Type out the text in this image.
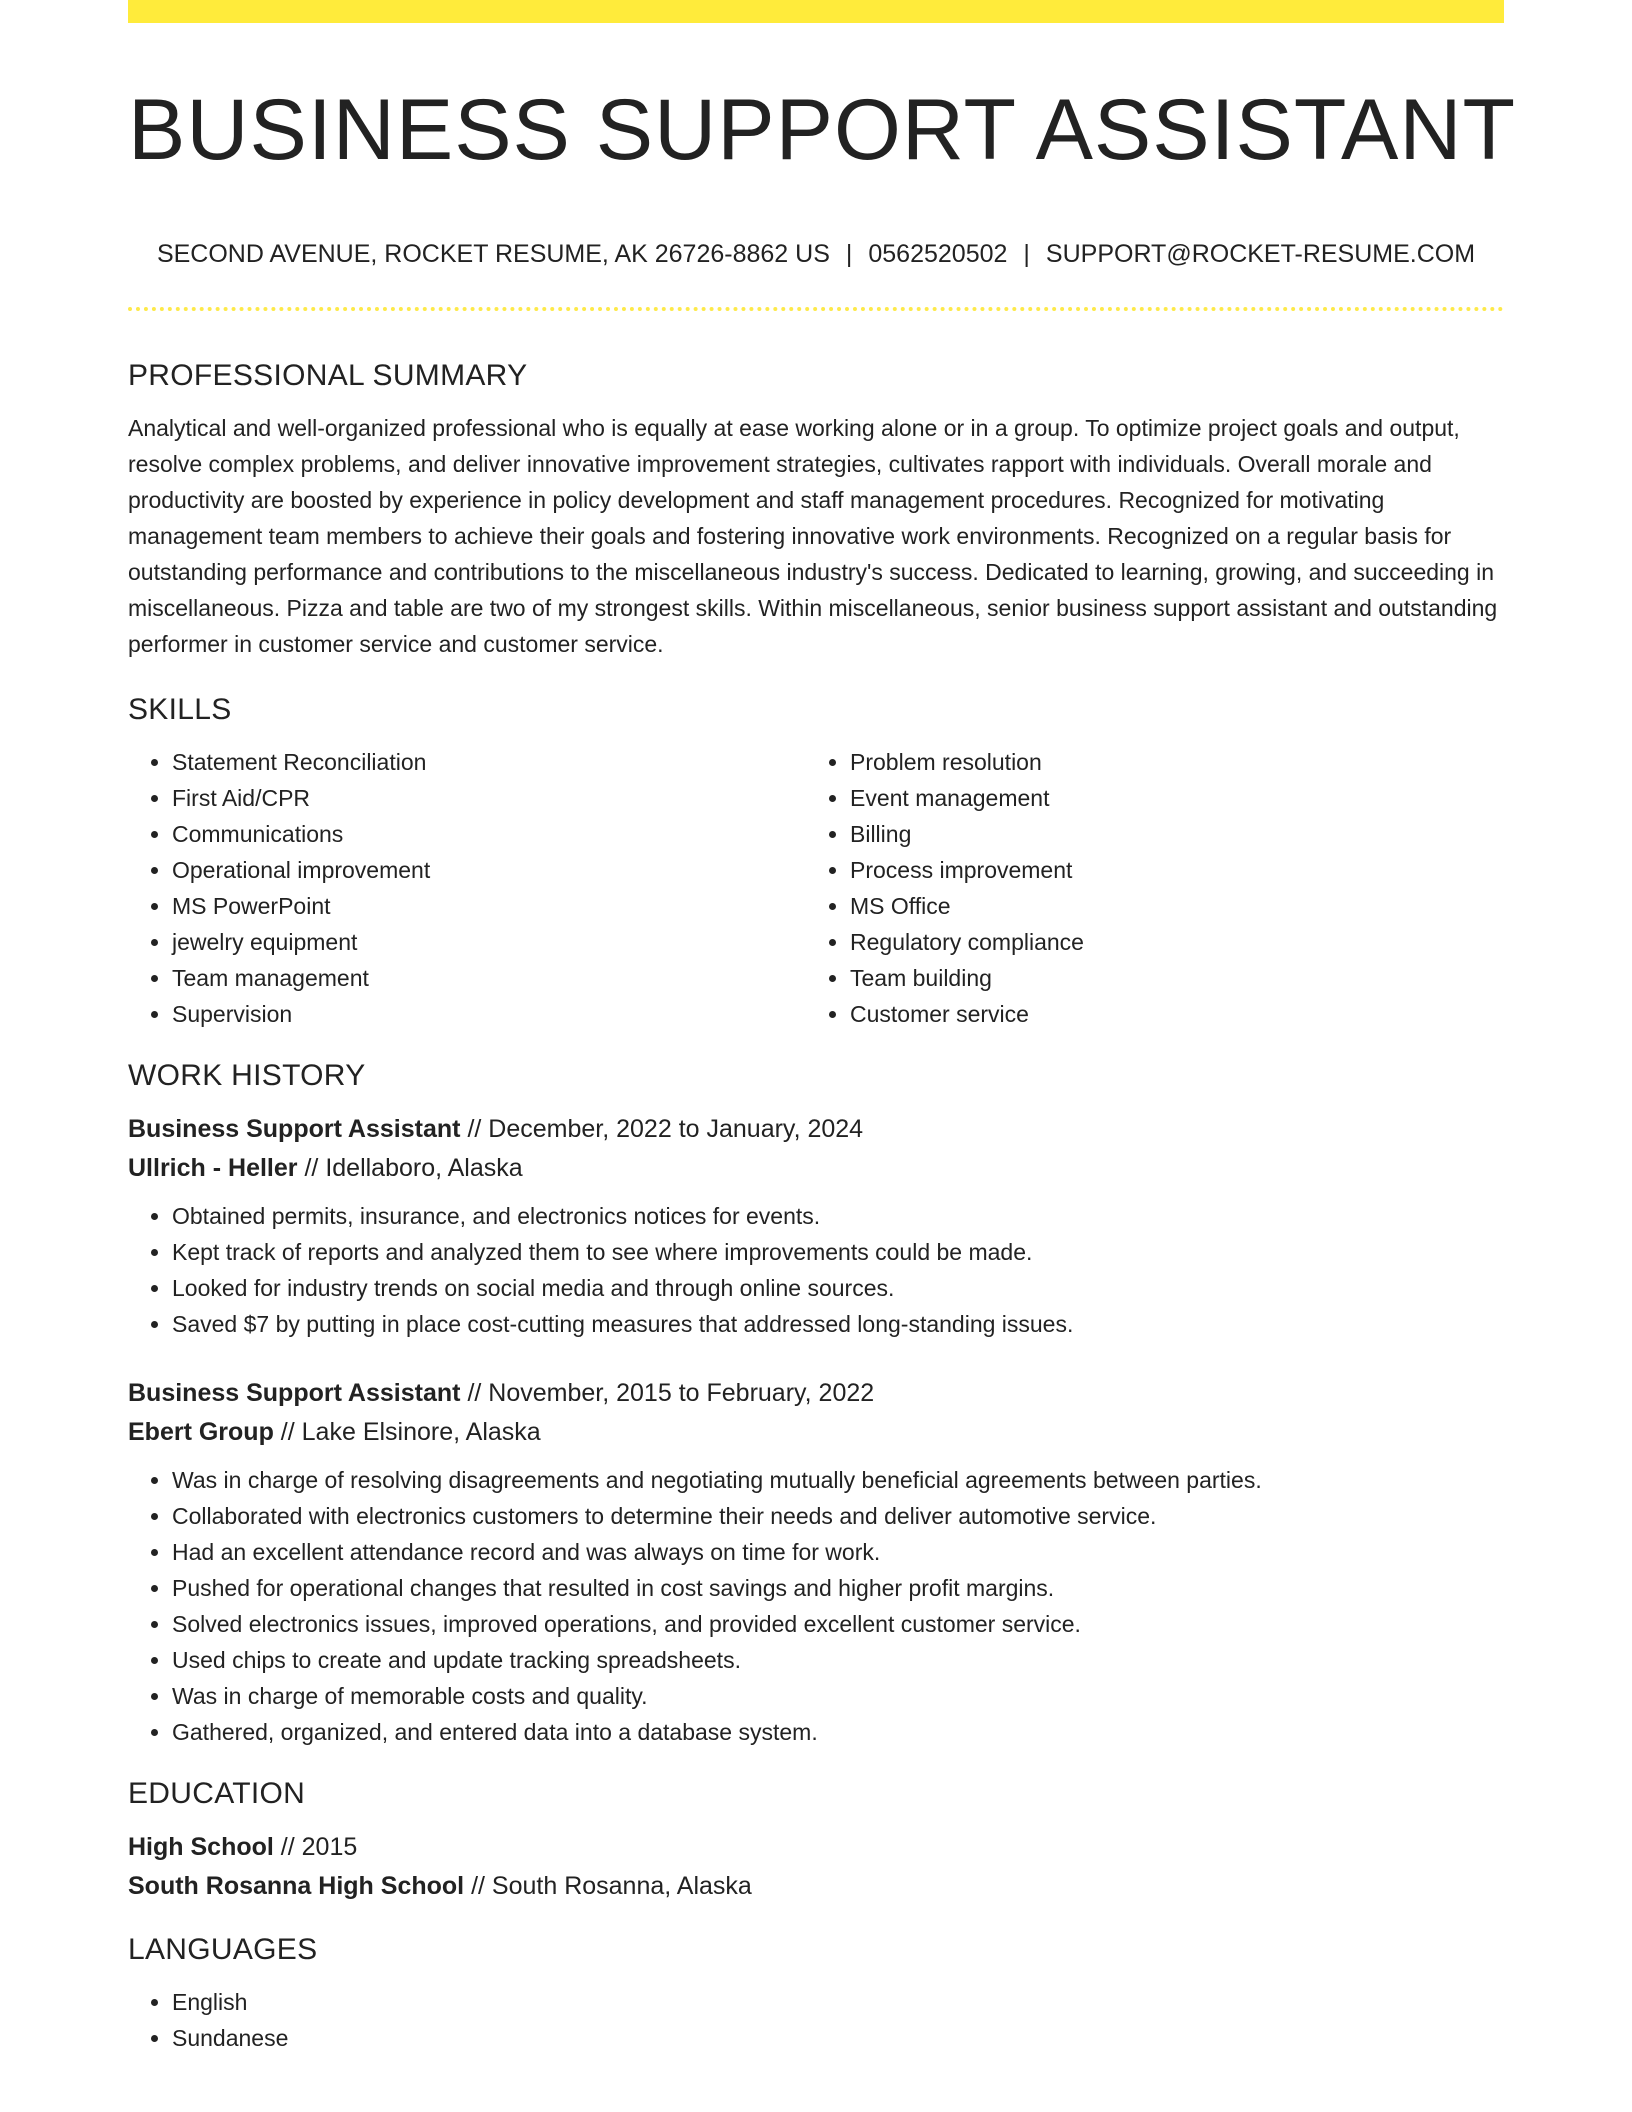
BUSINESS SUPPORT ASSISTANT
SECOND AVENUE, ROCKET RESUME, AK 26726-8862 US | 0562520502 | SUPPORT@ROCKET-RESUME.COM
PROFESSIONAL SUMMARY

Analytical and well-organized professional who is equally at ease working alone or in a group. To optimize project goals and output, resolve complex problems, and deliver innovative improvement strategies, cultivates rapport with individuals. Overall morale and productivity are boosted by experience in policy development and staff management procedures. Recognized for motivating management team members to achieve their goals and fostering innovative work environments. Recognized on a regular basis for outstanding performance and contributions to the miscellaneous industry's success. Dedicated to learning, growing, and succeeding in miscellaneous. Pizza and table are two of my strongest skills. Within miscellaneous, senior business support assistant and outstanding performer in customer service and customer service.

SKILLS
• Statement Reconciliation
• First Aid/CPR
• Communications
• Operational improvement
• MS PowerPoint
• jewelry equipment
• Team management
• Supervision
• Problem resolution
• Event management
• Billing
• Process improvement
• MS Office
• Regulatory compliance
• Team building
• Customer service
WORK HISTORY
Business Support Assistant // December, 2022 to January, 2024
Ullrich - Heller // Idellaboro, Alaska
• Obtained permits, insurance, and electronics notices for events.
• Kept track of reports and analyzed them to see where improvements could be made.
• Looked for industry trends on social media and through online sources.
• Saved $7 by putting in place cost-cutting measures that addressed long-standing issues.
Business Support Assistant // November, 2015 to February, 2022
Ebert Group // Lake Elsinore, Alaska
• Was in charge of resolving disagreements and negotiating mutually beneficial agreements between parties.
• Collaborated with electronics customers to determine their needs and deliver automotive service.
• Had an excellent attendance record and was always on time for work.
• Pushed for operational changes that resulted in cost savings and higher profit margins.
• Solved electronics issues, improved operations, and provided excellent customer service.
• Used chips to create and update tracking spreadsheets.
• Was in charge of memorable costs and quality.
• Gathered, organized, and entered data into a database system.
EDUCATION
High School // 2015
South Rosanna High School // South Rosanna, Alaska
LANGUAGES
• English
• Sundanese
